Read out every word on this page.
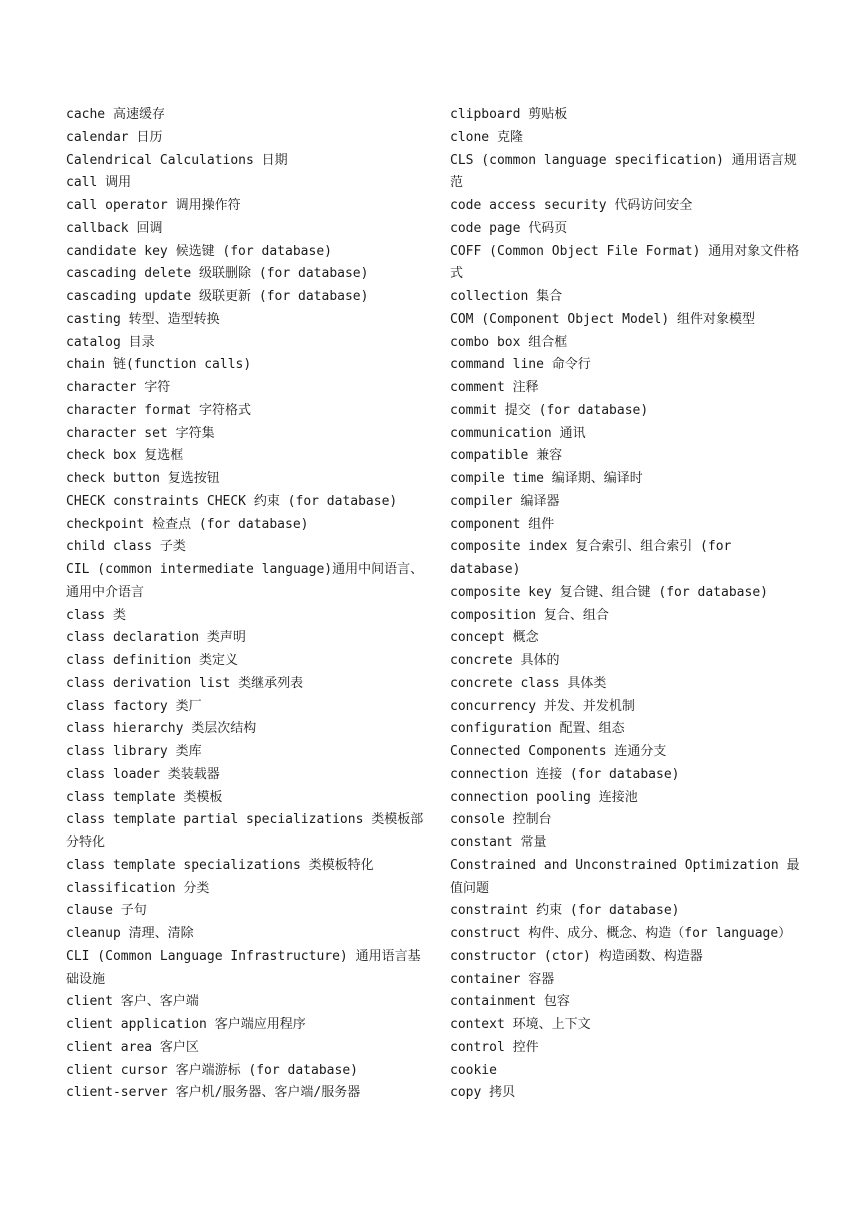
cache 高速缓存
calendar 日历
Calendrical Calculations 日期
call 调用
call operator 调用操作符
callback 回调
candidate key 候选键 (for database)
cascading delete 级联删除 (for database)
cascading update 级联更新 (for database)
casting 转型、造型转换
catalog 目录
chain 链(function calls)
character 字符
character format 字符格式
character set 字符集
check box 复选框
check button 复选按钮
CHECK constraints CHECK 约束 (for database)
checkpoint 检查点 (for database)
child class 子类
CIL (common intermediate language)通用中间语言、通用中介语言
class 类
class declaration 类声明
class definition 类定义
class derivation list 类继承列表
class factory 类厂
class hierarchy 类层次结构
class library 类库
class loader 类装载器
class template 类模板
class template partial specializations 类模板部分特化
class template specializations 类模板特化
classification 分类
clause 子句
cleanup 清理、清除
CLI (Common Language Infrastructure) 通用语言基础设施
client 客户、客户端
client application 客户端应用程序
client area 客户区
client cursor 客户端游标 (for database)
client-server 客户机/服务器、客户端/服务器
clipboard 剪贴板
clone 克隆
CLS (common language specification) 通用语言规范
code access security 代码访问安全
code page 代码页
COFF (Common Object File Format) 通用对象文件格式
collection 集合
COM (Component Object Model) 组件对象模型
combo box 组合框
command line 命令行
comment 注释
commit 提交 (for database)
communication 通讯
compatible 兼容
compile time 编译期、编译时
compiler 编译器
component 组件
composite index 复合索引、组合索引 (for database)
composite key 复合键、组合键 (for database)
composition 复合、组合
concept 概念
concrete 具体的
concrete class 具体类
concurrency 并发、并发机制
configuration 配置、组态
Connected Components 连通分支
connection 连接 (for database)
connection pooling 连接池
console 控制台
constant 常量
Constrained and Unconstrained Optimization 最值问题
constraint 约束 (for database)
construct 构件、成分、概念、构造（for language）
constructor (ctor) 构造函数、构造器
container 容器
containment 包容
context 环境、上下文
control 控件
cookie
copy 拷贝
